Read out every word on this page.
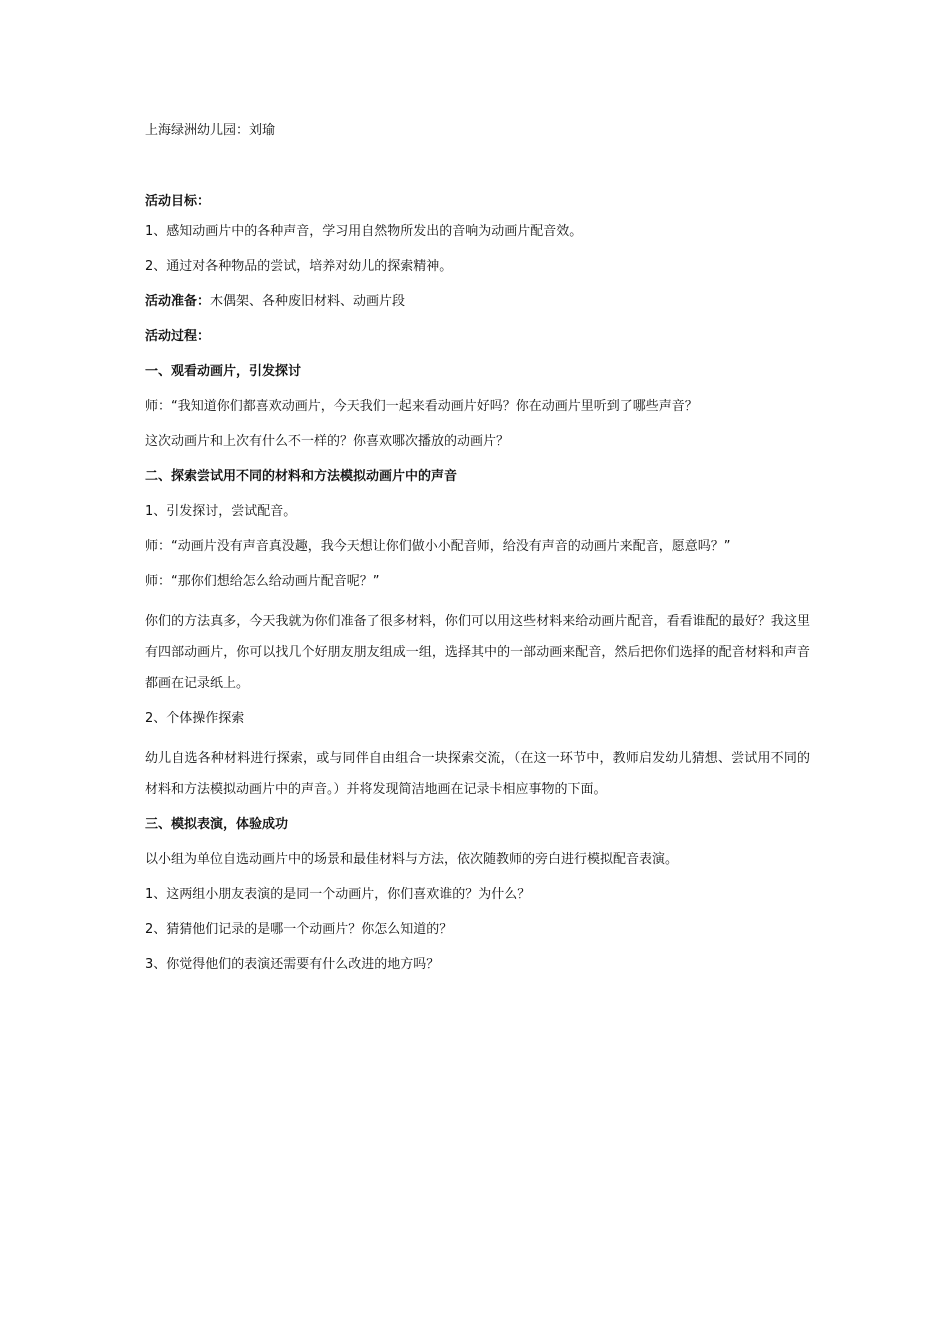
上海绿洲幼儿园：刘瑜

活动目标：

1、感知动画片中的各种声音，学习用自然物所发出的音响为动画片配音效。

2、通过对各种物品的尝试，培养对幼儿的探索精神。

活动准备：木偶架、各种废旧材料、动画片段

活动过程：

一、观看动画片，引发探讨

师：“我知道你们都喜欢动画片，今天我们一起来看动画片好吗？你在动画片里听到了哪些声音？

这次动画片和上次有什么不一样的？你喜欢哪次播放的动画片？

二、探索尝试用不同的材料和方法模拟动画片中的声音

1、引发探讨，尝试配音。

师：“动画片没有声音真没趣，我今天想让你们做小小配音师，给没有声音的动画片来配音，愿意吗？”

师：“那你们想给怎么给动画片配音呢？”

你们的方法真多，今天我就为你们准备了很多材料，你们可以用这些材料来给动画片配音，看看谁配的最好？我这里有四部动画片，你可以找几个好朋友朋友组成一组，选择其中的一部动画来配音，然后把你们选择的配音材料和声音都画在记录纸上。

2、个体操作探索

幼儿自选各种材料进行探索，或与同伴自由组合一块探索交流，（在这一环节中，教师启发幼儿猜想、尝试用不同的材料和方法模拟动画片中的声音。）并将发现简洁地画在记录卡相应事物的下面。

三、模拟表演，体验成功

以小组为单位自选动画片中的场景和最佳材料与方法，依次随教师的旁白进行模拟配音表演。

1、这两组小朋友表演的是同一个动画片，你们喜欢谁的？为什么？

2、猜猜他们记录的是哪一个动画片？你怎么知道的？

3、你觉得他们的表演还需要有什么改进的地方吗？
